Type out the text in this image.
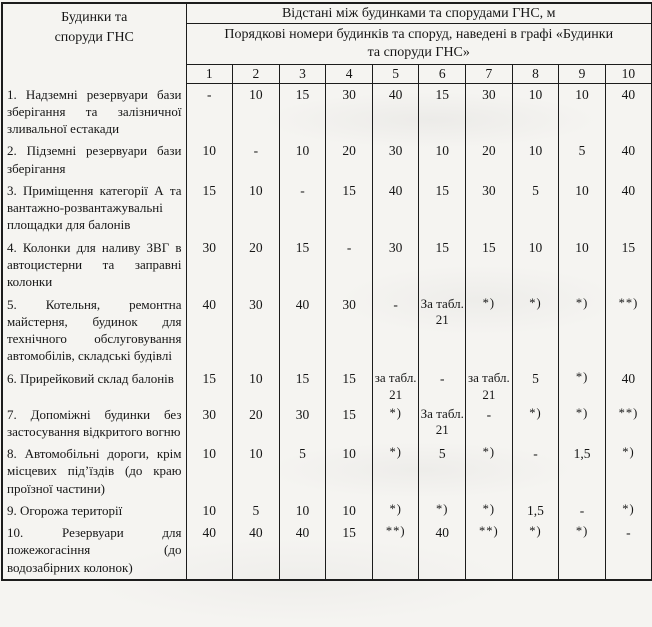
Будинки та споруди ГНС	Відстані між будинками та спорудами ГНС, м									
	Порядкові номери будинків та споруд, наведені в графі «Будинки та споруди ГНС»									
	1	2	3	4	5	6	7	8	9	10
1. Надземні резервуари бази зберігання та залізничної зливальної естакади	-	10	15	30	40	15	30	10	10	40
2. Підземні резервуари бази зберігання	10	-	10	20	30	10	20	10	5	40
3. Приміщення категорії А та вантажно-розвантажувальні площадки для балонів	15	10	-	15	40	15	30	5	10	40
4. Колонки для наливу ЗВГ в автоцистерни та заправні колонки	30	20	15	-	30	15	15	10	10	15
5. Котельня, ремонтна майстерня, будинок для технічного обслуговування автомобілів, складські будівлі	40	30	40	30	-	За табл. 21	*)	*)	*)	**)
6. Прирейковий склад балонів	15	10	15	15	за табл. 21	-	за табл. 21	5	*)	40
7. Допоміжні будинки без застосування відкритого вогню	30	20	30	15	*)	За табл. 21	-	*)	*)	**)
8. Автомобільні дороги, крім місцевих під’їздів (до краю проїзної частини)	10	10	5	10	*)	5	*)	-	1,5	*)
9. Огорожа території	10	5	10	10	*)	*)	*)	1,5	-	*)
10. Резервуари для пожежогасіння (до водозабірних колонок)	40	40	40	15	**)	40	**)	*)	*)	-
